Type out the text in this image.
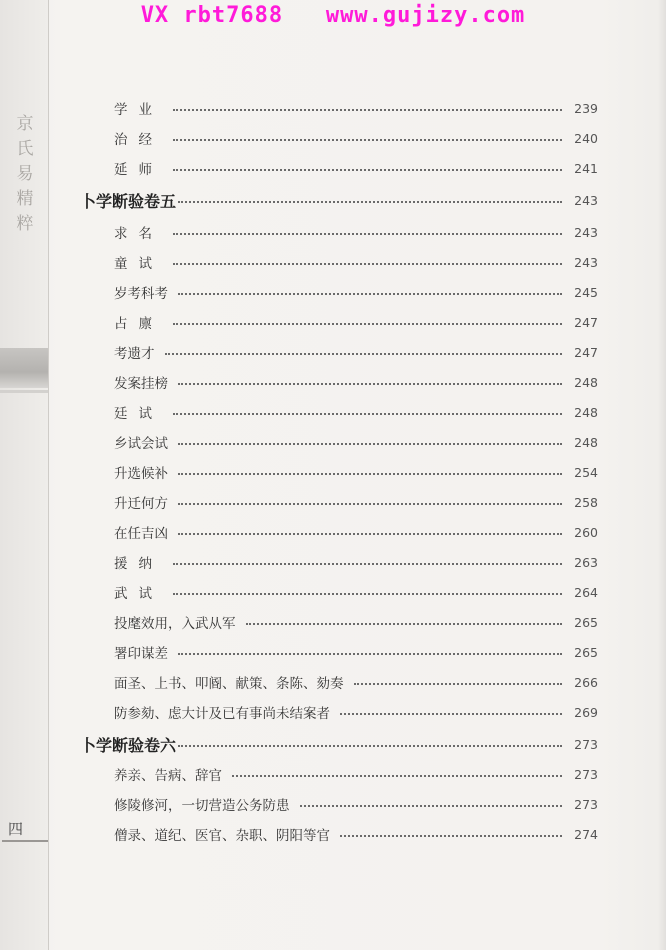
VX rbt7688   www.gujizy.com
京
氏
易
精
粹
四
学业	239
治经	240
延师	241
卜学断验卷五	243
求名	243
童试	243
岁考科考	245
占廪	247
考遗才	247
发案挂榜	248
廷试	248
乡试会试	248
升选候补	254
升迁何方	258
在任吉凶	260
援纳	263
武试	264
投麾效用，入武从军	265
署印谋差	265
面圣、上书、叩阍、献策、条陈、劾奏	266
防参劾、虑大计及已有事尚未结案者	269
卜学断验卷六	273
养亲、告病、辞官	273
修陵修河，一切营造公务防患	273
僧录、道纪、医官、杂职、阴阳等官	274
